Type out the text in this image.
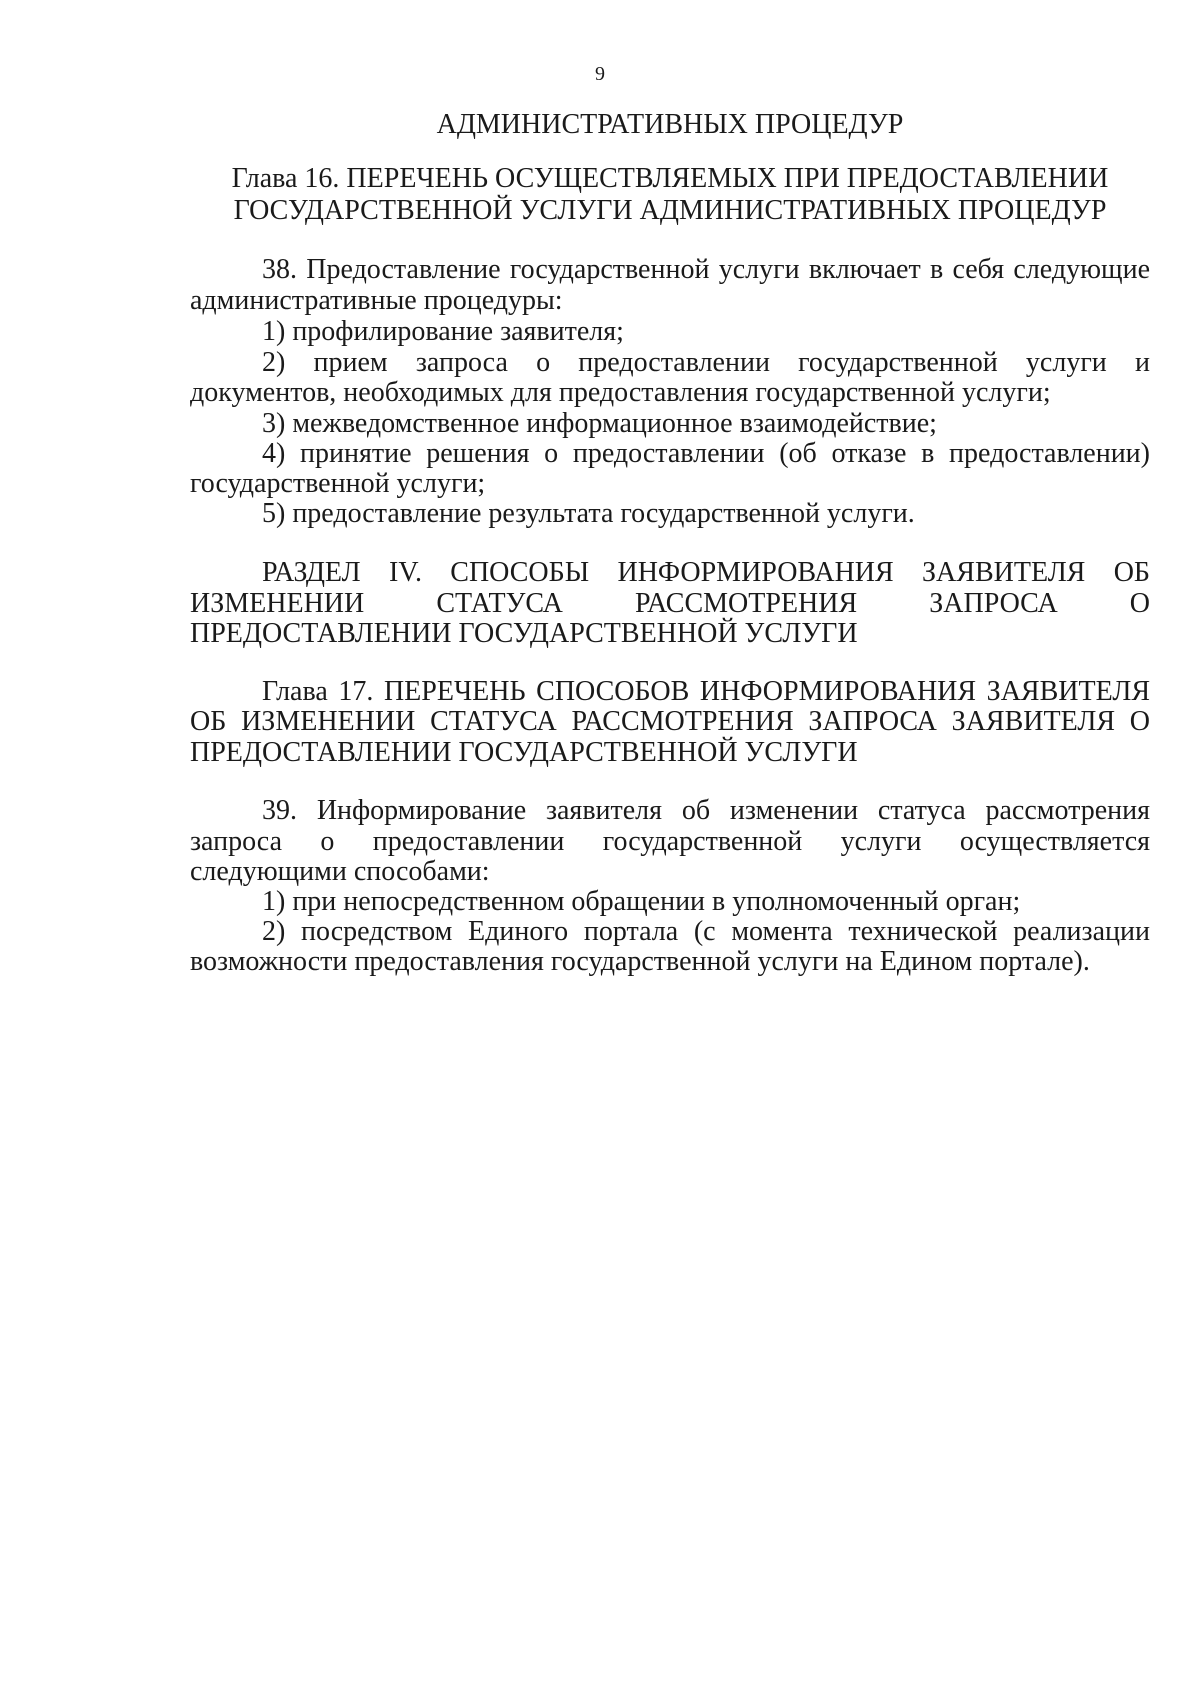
9
АДМИНИСТРАТИВНЫХ ПРОЦЕДУР
Глава 16. ПЕРЕЧЕНЬ ОСУЩЕСТВЛЯЕМЫХ ПРИ ПРЕДОСТАВЛЕНИИ
ГОСУДАРСТВЕННОЙ УСЛУГИ АДМИНИСТРАТИВНЫХ ПРОЦЕДУР
38. Предоставление государственной услуги включает в себя следующие
административные процедуры:
1) профилирование заявителя;
2) прием запроса о предоставлении государственной услуги и
документов, необходимых для предоставления государственной услуги;
3) межведомственное информационное взаимодействие;
4) принятие решения о предоставлении (об отказе в предоставлении)
государственной услуги;
5) предоставление результата государственной услуги.
РАЗДЕЛ IV. СПОСОБЫ ИНФОРМИРОВАНИЯ ЗАЯВИТЕЛЯ ОБ
ИЗМЕНЕНИИ СТАТУСА РАССМОТРЕНИЯ ЗАПРОСА О
ПРЕДОСТАВЛЕНИИ ГОСУДАРСТВЕННОЙ УСЛУГИ
Глава 17. ПЕРЕЧЕНЬ СПОСОБОВ ИНФОРМИРОВАНИЯ ЗАЯВИТЕЛЯ
ОБ ИЗМЕНЕНИИ СТАТУСА РАССМОТРЕНИЯ ЗАПРОСА ЗАЯВИТЕЛЯ О
ПРЕДОСТАВЛЕНИИ ГОСУДАРСТВЕННОЙ УСЛУГИ
39. Информирование заявителя об изменении статуса рассмотрения
запроса о предоставлении государственной услуги осуществляется
следующими способами:
1) при непосредственном обращении в уполномоченный орган;
2) посредством Единого портала (с момента технической реализации
возможности предоставления государственной услуги на Едином портале).
